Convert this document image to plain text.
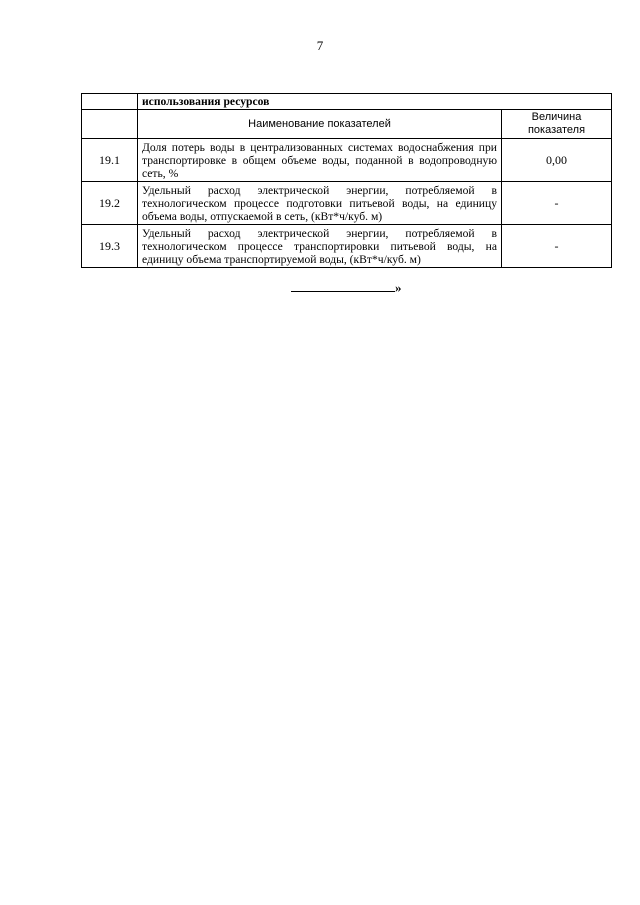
7
	использования ресурсов	
	Наименование показателей	Величина показателя
19.1	Доля потерь воды в централизованных системах водоснабжения при транспортировке в общем объеме воды, поданной в водопроводную сеть, %	0,00
19.2	Удельный расход электрической энергии, потребляемой в технологическом процессе подготовки питьевой воды, на единицу объема воды, отпускаемой в сеть, (кВт*ч/куб. м)	-
19.3	Удельный расход электрической энергии, потребляемой в технологическом процессе транспортировки питьевой воды, на единицу объема транспортируемой воды, (кВт*ч/куб. м)	-
»
